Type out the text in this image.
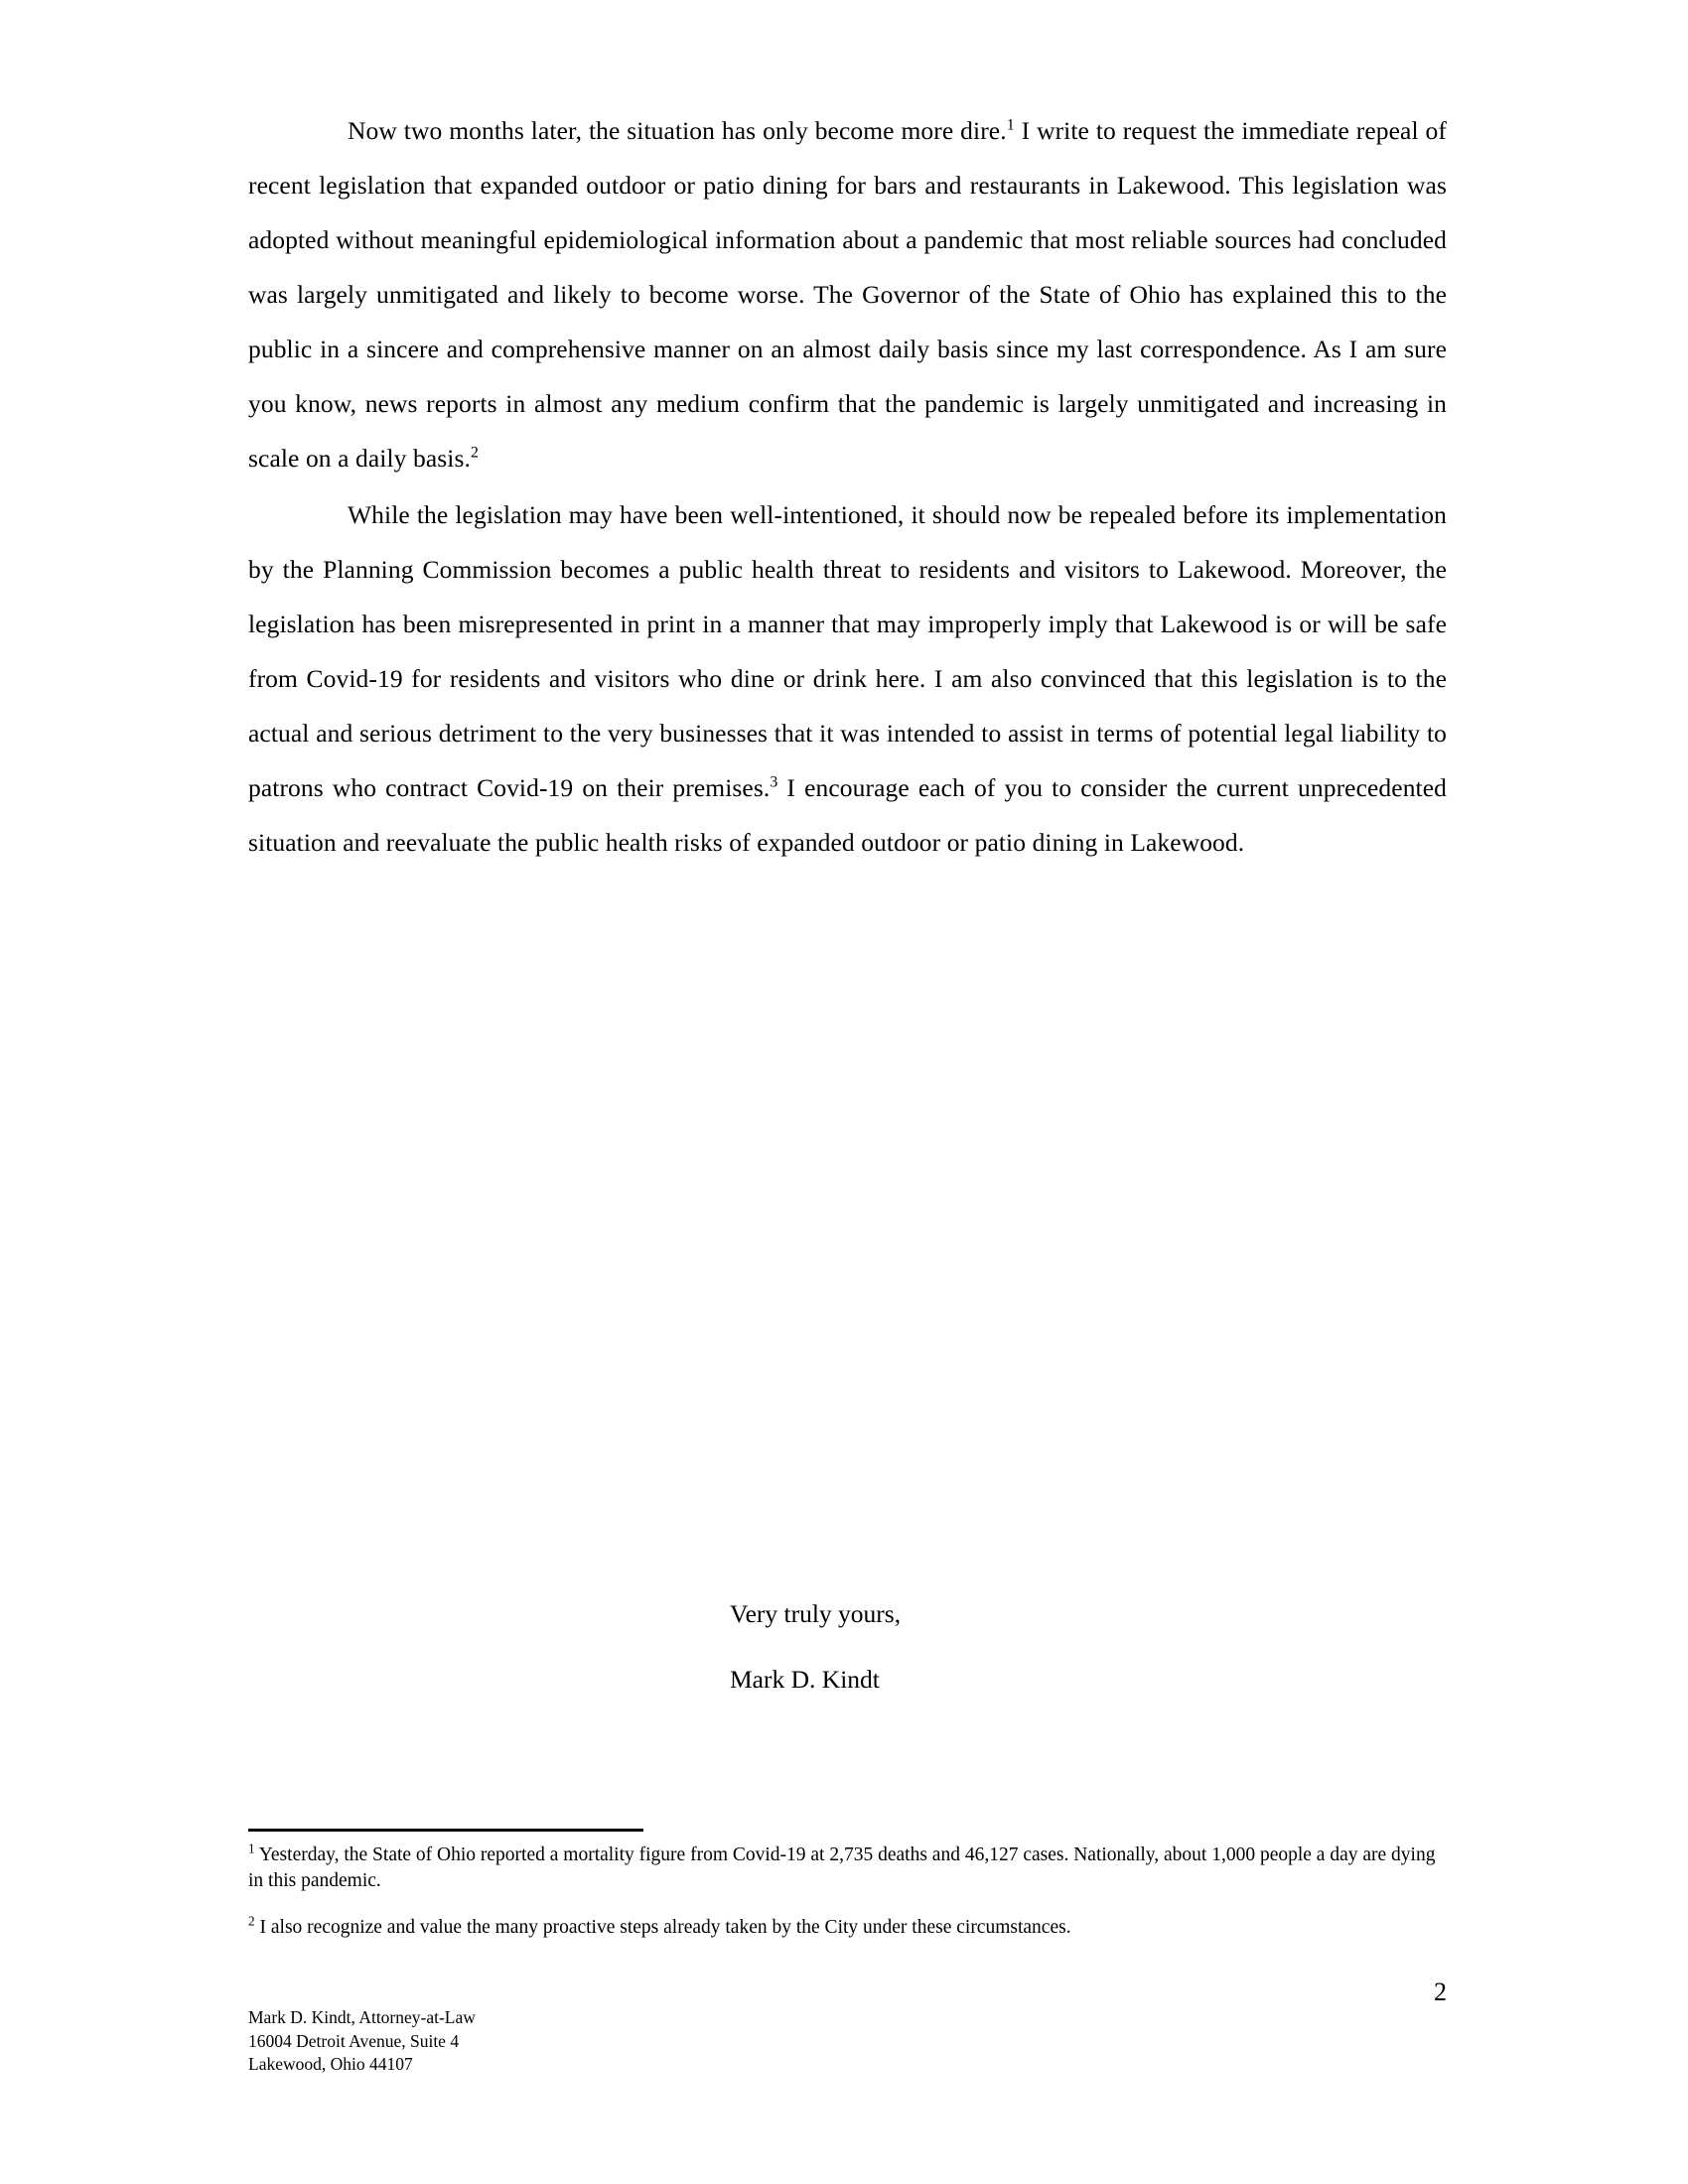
Now two months later, the situation has only become more dire.$^1$ I write to request the immediate repeal of recent legislation that expanded outdoor or patio dining for bars and restaurants in Lakewood. This legislation was adopted without meaningful epidemiological information about a pandemic that most reliable sources had concluded was largely unmitigated and likely to become worse. The Governor of the State of Ohio has explained this to the public in a sincere and comprehensive manner on an almost daily basis since my last correspondence. As I am sure you know, news reports in almost any medium confirm that the pandemic is largely unmitigated and increasing in scale on a daily basis.$^2$

While the legislation may have been well-intentioned, it should now be repealed before its implementation by the Planning Commission becomes a public health threat to residents and visitors to Lakewood. Moreover, the legislation has been misrepresented in print in a manner that may improperly imply that Lakewood is or will be safe from Covid-19 for residents and visitors who dine or drink here. I am also convinced that this legislation is to the actual and serious detriment to the very businesses that it was intended to assist in terms of potential legal liability to patrons who contract Covid-19 on their premises.$^3$ I encourage each of you to consider the current unprecedented situation and reevaluate the public health risks of expanded outdoor or patio dining in Lakewood.

Very truly yours,
Mark D. Kindt

$^1$ Yesterday, the State of Ohio reported a mortality figure from Covid-19 at 2,735 deaths and 46,127 cases. Nationally, about 1,000 people a day are dying in this pandemic.

$^2$ I also recognize and value the many proactive steps already taken by the City under these circumstances.

2
Mark D. Kindt, Attorney-at-Law
16004 Detroit Avenue, Suite 4
Lakewood, Ohio 44107
